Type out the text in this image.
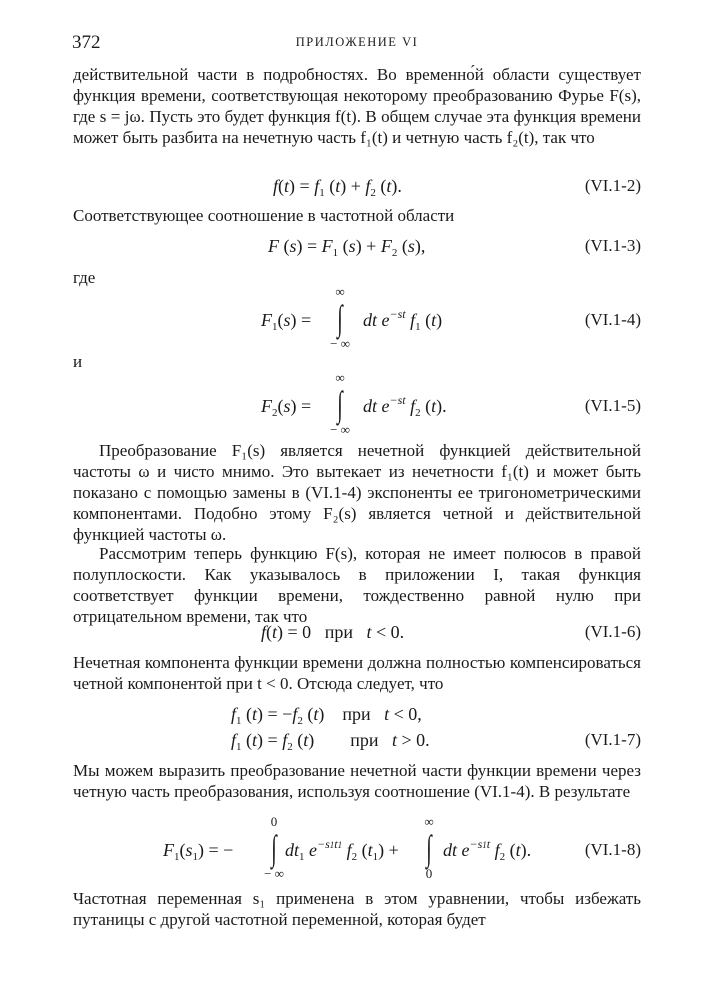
372	ПРИЛОЖЕНИЕ VI
действительной части в подробностях. Во временно́й области существует функция времени, соответствующая некоторому преобразованию Фурье F(s), где s = jω. Пусть это будет функция f(t). В общем случае эта функция времени может быть разбита на нечетную часть f₁(t) и четную часть f₂(t), так что
$f(t) = f_1$ $(t) + f_2$ (t).	(VI.1-2)
Соответствующее соотношение в частотной области
F $(s) = F_1$ $(s) + F_2$ (s),	(VI.1-3)
где
$F_1(s)$ =
∞
∫
− ∞
dt $e^{-st}$ $f_1$ (t)	(VI.1-4)
и
$F_2(s)$ =
∞
∫
− ∞
dt $e^{-st}$ $f_2$ (t).	(VI.1-5)
Преобразование F₁(s) является нечетной функцией действительной частоты ω и чисто мнимо. Это вытекает из нечетности f₁(t) и может быть показано с помощью замены в (VI.1-4) экспоненты ее тригонометрическими компонентами. Подобно этому F₂(s) является четной и действительной функцией частоты ω.
Рассмотрим теперь функцию F(s), которая не имеет полюсов в правой полуплоскости. Как указывалось в приложении I, такая функция соответствует функции времени, тождественно равной нулю при отрицательном времени, так что
f(t) = 0   при t < 0.	(VI.1-6)
Нечетная компонента функции времени должна полностью компенсироваться четной компонентой при t < 0. Отсюда следует, что
$f_1$ $(t) = -f_2$ (t)    при t < 0,
$f_1$ $(t) = f_2$ (t)        при t > 0.	(VI.1-7)
Мы можем выразить преобразование нечетной части функции времени через четную часть преобразования, используя соотношение (VI.1-4). В результате
$F_1(s_1)$ = −
0
∫
− ∞
$dt_1$ $e^{-s1t1}$ $f_2$ $(t_1)$ +
∞
∫
0
dt $e^{-s1t}$ $f_2$ (t).	(VI.1-8)
Частотная переменная s₁ применена в этом уравнении, чтобы избежать путаницы с другой частотной переменной, которая будет
